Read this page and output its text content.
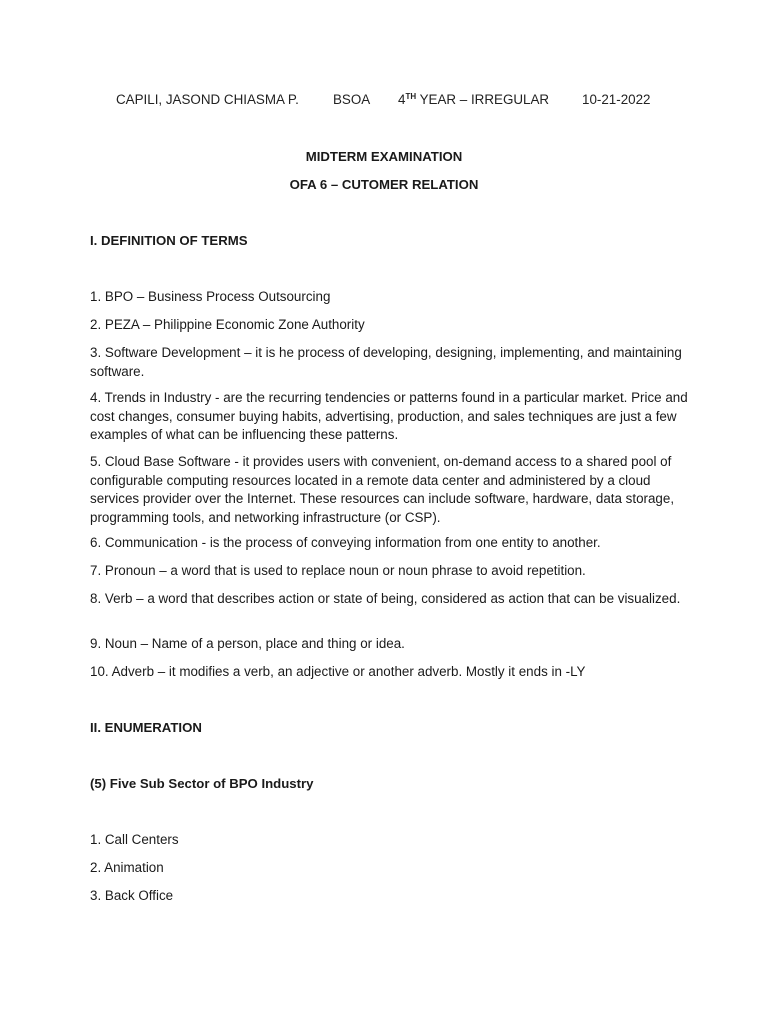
CAPILI, JASOND CHIASMA P.	BSOA 4TH YEAR – IRREGULAR 10-21-2022
MIDTERM EXAMINATION
OFA 6 – CUTOMER RELATION
I. DEFINITION OF TERMS
1. BPO – Business Process Outsourcing
2. PEZA – Philippine Economic Zone Authority
3. Software Development – it is he process of developing, designing, implementing, and maintaining software.
4. Trends in Industry - are the recurring tendencies or patterns found in a particular market. Price and cost changes, consumer buying habits, advertising, production, and sales techniques are just a few examples of what can be influencing these patterns.
5. Cloud Base Software - it provides users with convenient, on-demand access to a shared pool of configurable computing resources located in a remote data center and administered by a cloud services provider over the Internet. These resources can include software, hardware, data storage, programming tools, and networking infrastructure (or CSP).
6. Communication - is the process of conveying information from one entity to another.
7. Pronoun – a word that is used to replace noun or noun phrase to avoid repetition.
8. Verb – a word that describes action or state of being, considered as action that can be visualized.
9. Noun – Name of a person, place and thing or idea.
10. Adverb – it modifies a verb, an adjective or another adverb. Mostly it ends in -LY
II. ENUMERATION
(5) Five Sub Sector of BPO Industry
1. Call Centers
2. Animation
3. Back Office
